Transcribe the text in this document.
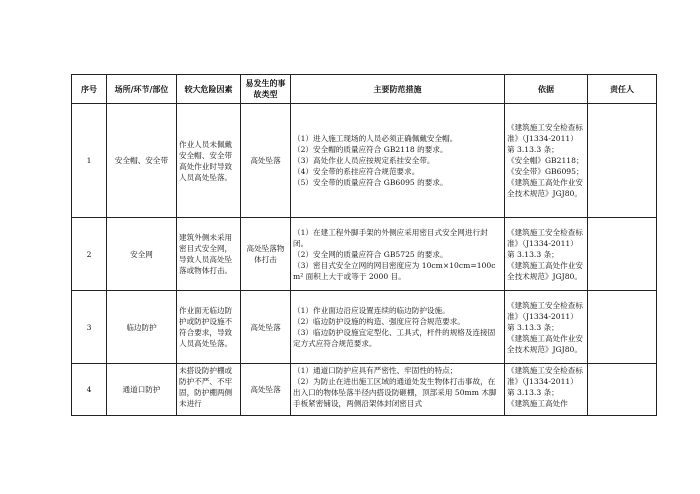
序号	场所/环节/部位	较大危险因素	易发生的事故类型	主要防范措施	依据	责任人
1	安全帽、安全带	作业人员未佩戴安全帽、安全带高处作业时导致人员高处坠落。	高处坠落	（1）进入施工现场的人员必须正确佩戴安全帽。
（2）安全帽的质量应符合 GB2118 的要求。
（3）高处作业人员应按规定系挂安全带。
（4）安全带的系挂应符合规范要求。
（5）安全带的质量应符合 GB6095 的要求。	《建筑施工安全检查标准》（J1334-2011）第 3.13.3 条；
《安全帽》GB2118；
《安全带》GB6095；
《建筑施工高处作业安全技术规范》JGJ80。	

2	安全网	建筑外侧未采用密目式安全网，导致人员高处坠落或物体打击。	高处坠落物体打击	（1）在建工程外脚手架的外侧应采用密目式安全网进行封闭。
（2）安全网的质量应符合 GB5725 的要求。
（3）密目式安全立网的网目密度应为 10cm×10cm=100cm² 面积上大于或等于 2000 目。	《建筑施工安全检查标准》（J1334-2011）第 3.13.3 条；
《建筑施工高处作业安全技术规范》JGJ80。	

3	临边防护	作业面无临边防护或防护设施不符合要求，导致人员高处坠落。	高处坠落	（1）作业面边沿应设置连续的临边防护设施。
（2）临边防护设施的构造、强度应符合规范要求。
（3）临边防护设施宜定型化、工具式，杆件的规格及连接固定方式应符合规范要求。	《建筑施工安全检查标准》（J1334-2011）第 3.13.3 条；
《建筑施工高处作业安全技术规范》JGJ80。	

4	通道口防护	未搭设防护棚或防护不严、不牢固，防护棚两侧未进行	高处坠落	（1）通道口防护应具有严密性、牢固性的特点；
（2）为防止在进出施工区域的通道处发生物体打击事故，在出入口的物体坠落半径内搭设防砸棚，顶部采用 50mm 木脚手板紧密铺设，两侧沿架体封闭密目式	《建筑施工安全检查标准》（J1334-2011）第 3.13.3 条；
《建筑施工高处作	
